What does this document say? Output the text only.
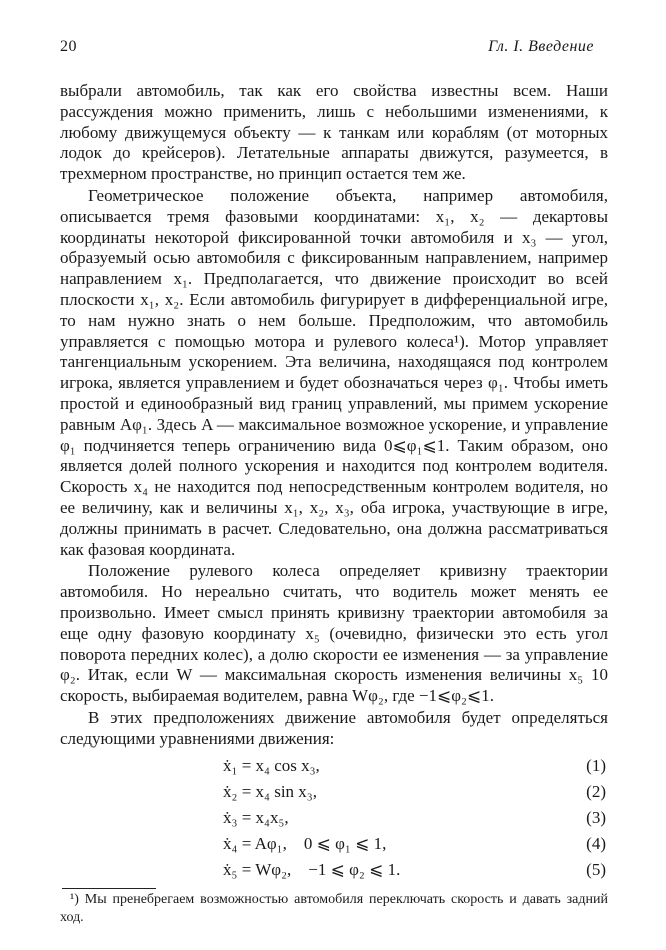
20	Гл. I. Введение

выбрали автомобиль, так как его свойства известны всем. Наши рассуждения можно применить, лишь с небольшими изменениями, к любому движущемуся объекту — к танкам или кораблям (от моторных лодок до крейсеров). Летательные аппараты движутся, разумеется, в трехмерном пространстве, но принцип остается тем же.

Геометрическое положение объекта, например автомобиля, описывается тремя фазовыми координатами: x₁, x₂ — декартовы координаты некоторой фиксированной точки автомобиля и x₃ — угол, образуемый осью автомобиля с фиксированным направлением, например направлением x₁. Предполагается, что движение происходит во всей плоскости x₁, x₂. Если автомобиль фигурирует в дифференциальной игре, то нам нужно знать о нем больше. Предположим, что автомобиль управляется с помощью мотора и рулевого колеса¹). Мотор управляет тангенциальным ускорением. Эта величина, находящаяся под контролем игрока, является управлением и будет обозначаться через φ₁. Чтобы иметь простой и единообразный вид границ управлений, мы примем ускорение равным Aφ₁. Здесь A — максимальное возможное ускорение, и управление φ₁ подчиняется теперь ограничению вида 0⩽φ₁⩽1. Таким образом, оно является долей полного ускорения и находится под контролем водителя. Скорость x₄ не находится под непосредственным контролем водителя, но ее величину, как и величины x₁, x₂, x₃, оба игрока, участвующие в игре, должны принимать в расчет. Следовательно, она должна рассматриваться как фазовая координата.

Положение рулевого колеса определяет кривизну траектории автомобиля. Но нереально считать, что водитель может менять ее произвольно. Имеет смысл принять кривизну траектории автомобиля за еще одну фазовую координату x₅ (очевидно, физически это есть угол поворота передних колес), а долю скорости ее изменения — за управление φ₂. Итак, если W — максимальная скорость изменения величины x₅ 10 скорость, выбираемая водителем, равна Wφ₂, где −1⩽φ₂⩽1.

В этих предположениях движение автомобиля будет определяться следующими уравнениями движения:

ẋ₁ = x₄ cos x₃,	(1)
ẋ₂ = x₄ sin x₃,	(2)
ẋ₃ = x₄x₅,	(3)
ẋ₄ = Aφ₁,    0 ⩽ φ₁ ⩽ 1,	(4)
ẋ₅ = Wφ₂,    −1 ⩽ φ₂ ⩽ 1.	(5)

¹) Мы пренебрегаем возможностью автомобиля переключать скорость и давать задний ход.
